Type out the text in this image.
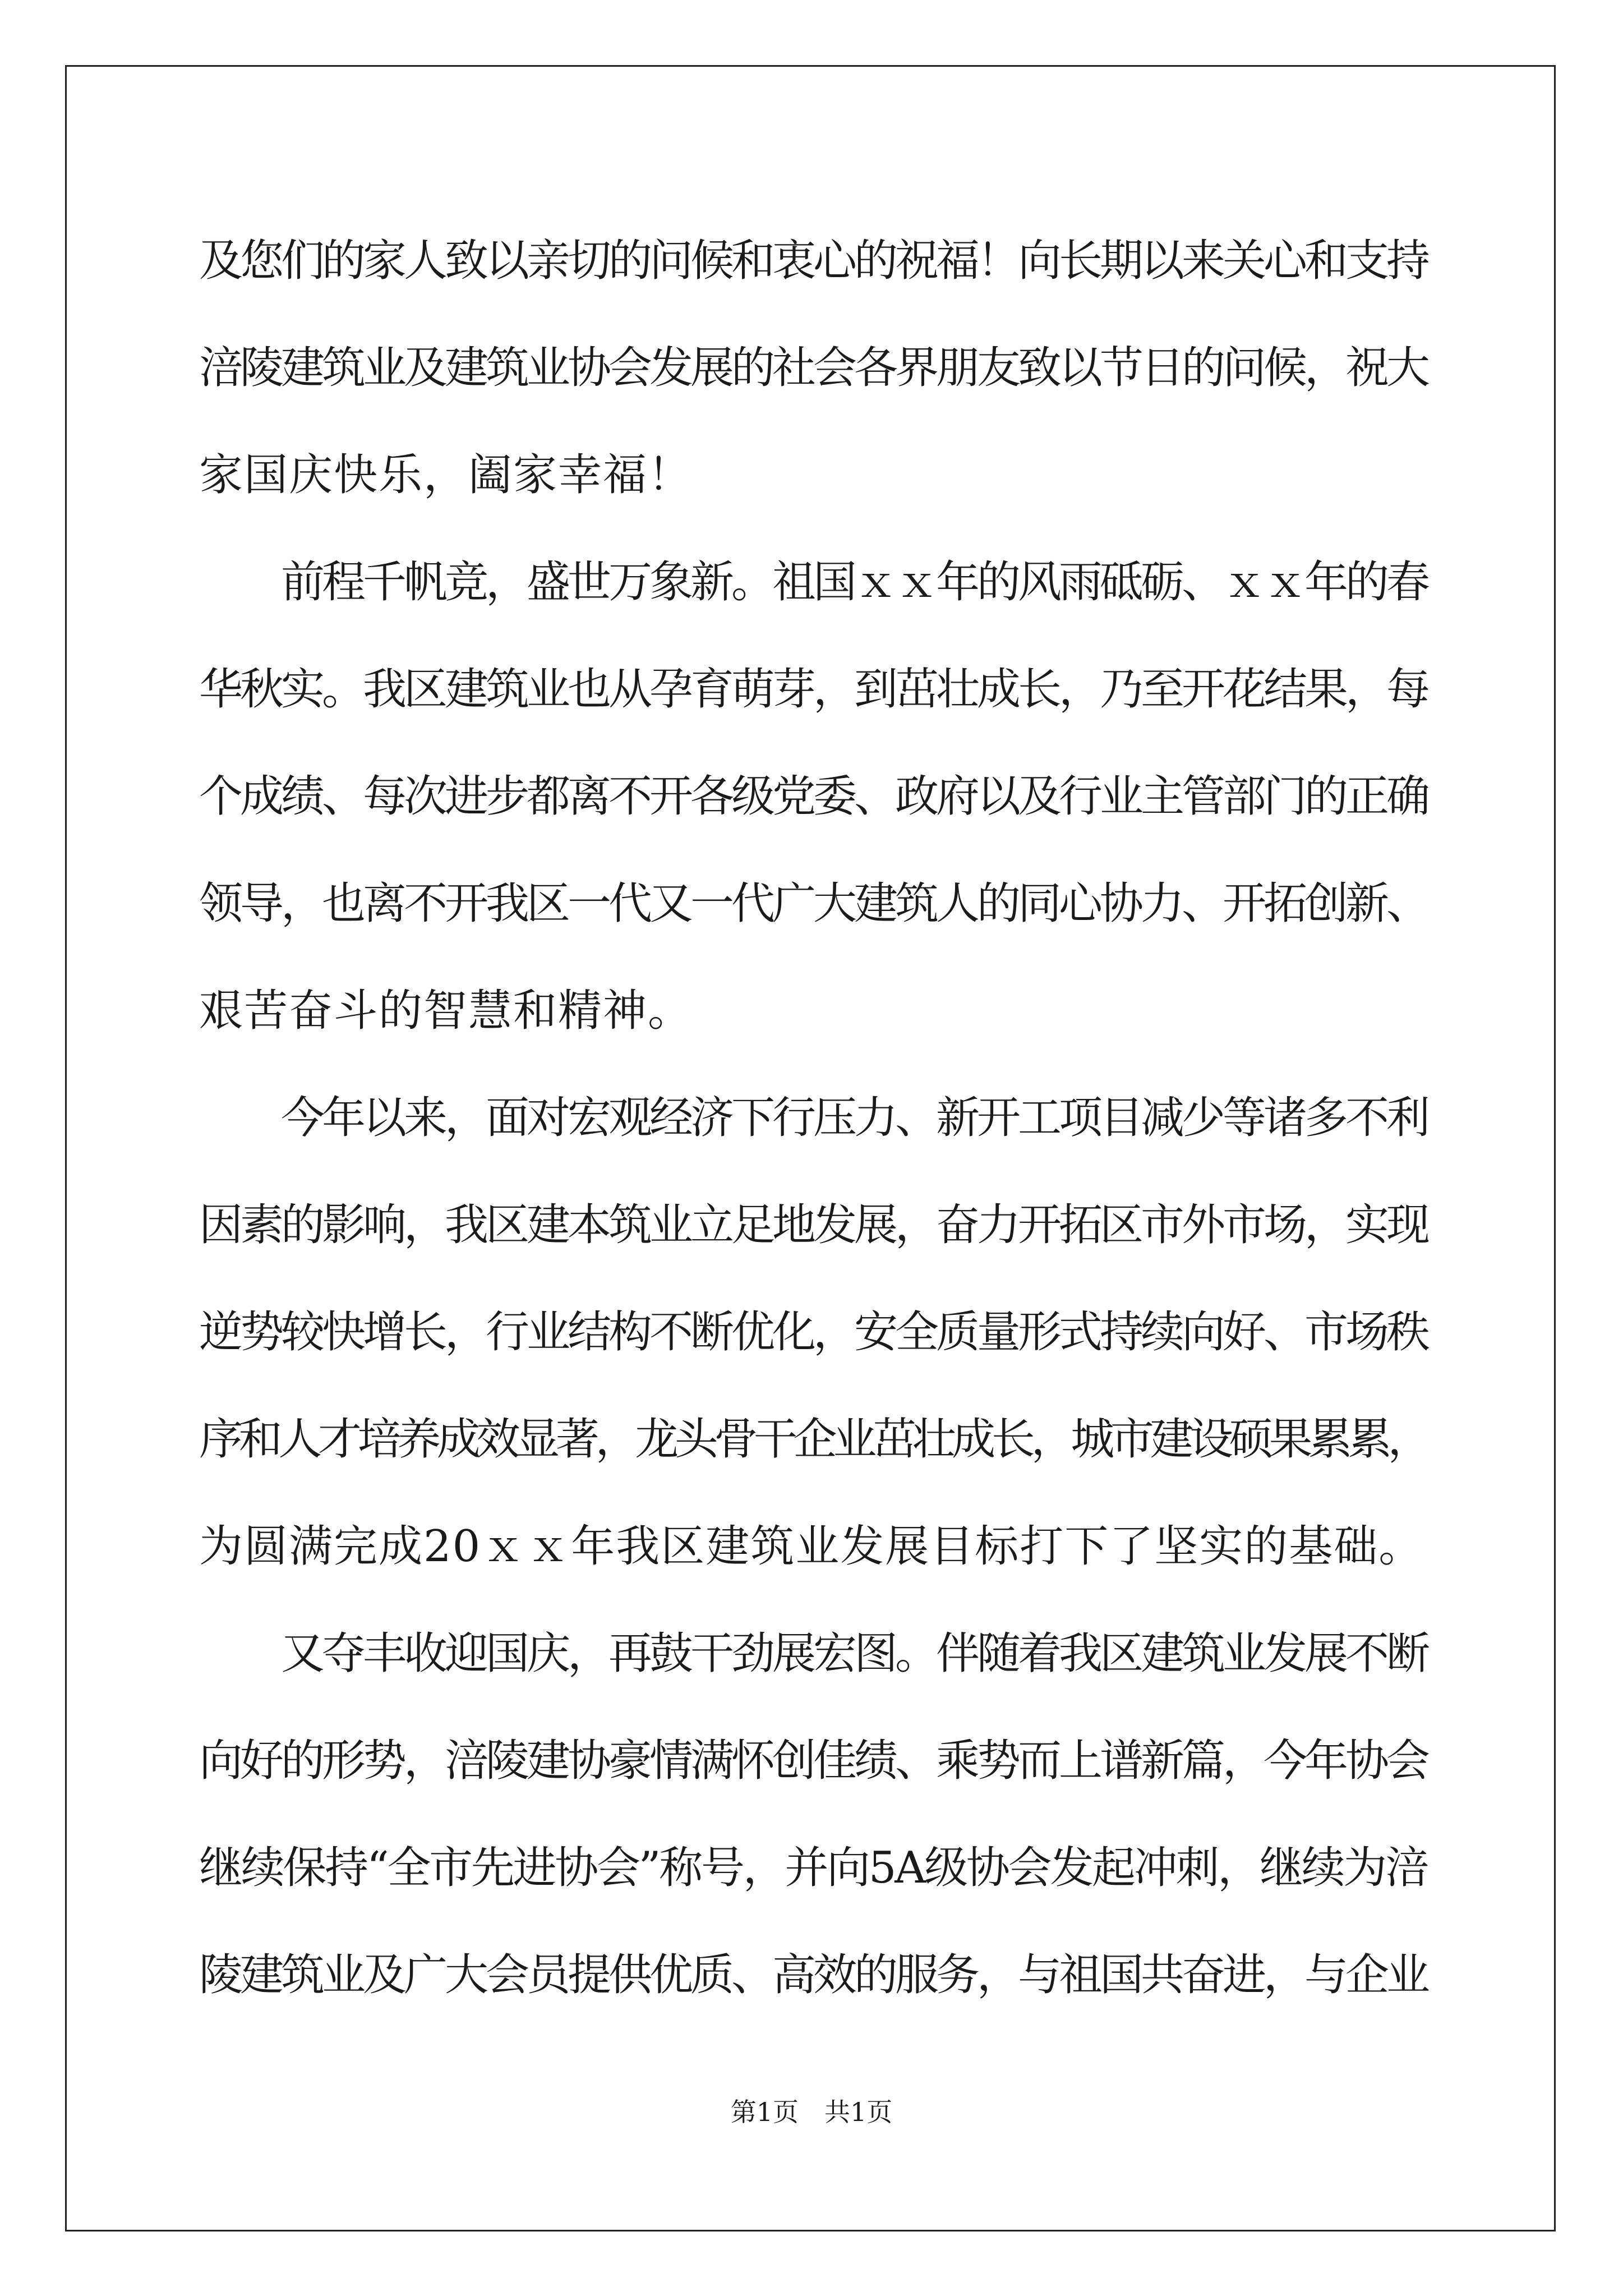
及您们的家人致以亲切的问候和衷心的祝福！向长期以来关心和支持
涪陵建筑业及建筑业协会发展的社会各界朋友致以节日的问候，祝大
家国庆快乐，阖家幸福！

　　前程千帆竞，盛世万象新。祖国ｘｘ年的风雨砥砺、ｘｘ年的春
华秋实。我区建筑业也从孕育萌芽，到茁壮成长，乃至开花结果，每
个成绩、每次进步都离不开各级党委、政府以及行业主管部门的正确
领导，也离不开我区一代又一代广大建筑人的同心协力、开拓创新、
艰苦奋斗的智慧和精神。

　　今年以来，面对宏观经济下行压力、新开工项目减少等诸多不利
因素的影响，我区建本筑业立足地发展，奋力开拓区市外市场，实现
逆势较快增长，行业结构不断优化，安全质量形式持续向好、市场秩
序和人才培养成效显著，龙头骨干企业茁壮成长，城市建设硕果累累，
为圆满完成20ｘｘ年我区建筑业发展目标打下了坚实的基础。

　　又夺丰收迎国庆，再鼓干劲展宏图。伴随着我区建筑业发展不断
向好的形势，涪陵建协豪情满怀创佳绩、乘势而上谱新篇，今年协会
继续保持“全市先进协会”称号，并向5A级协会发起冲刺，继续为涪
陵建筑业及广大会员提供优质、高效的服务，与祖国共奋进，与企业

第1页　共1页
